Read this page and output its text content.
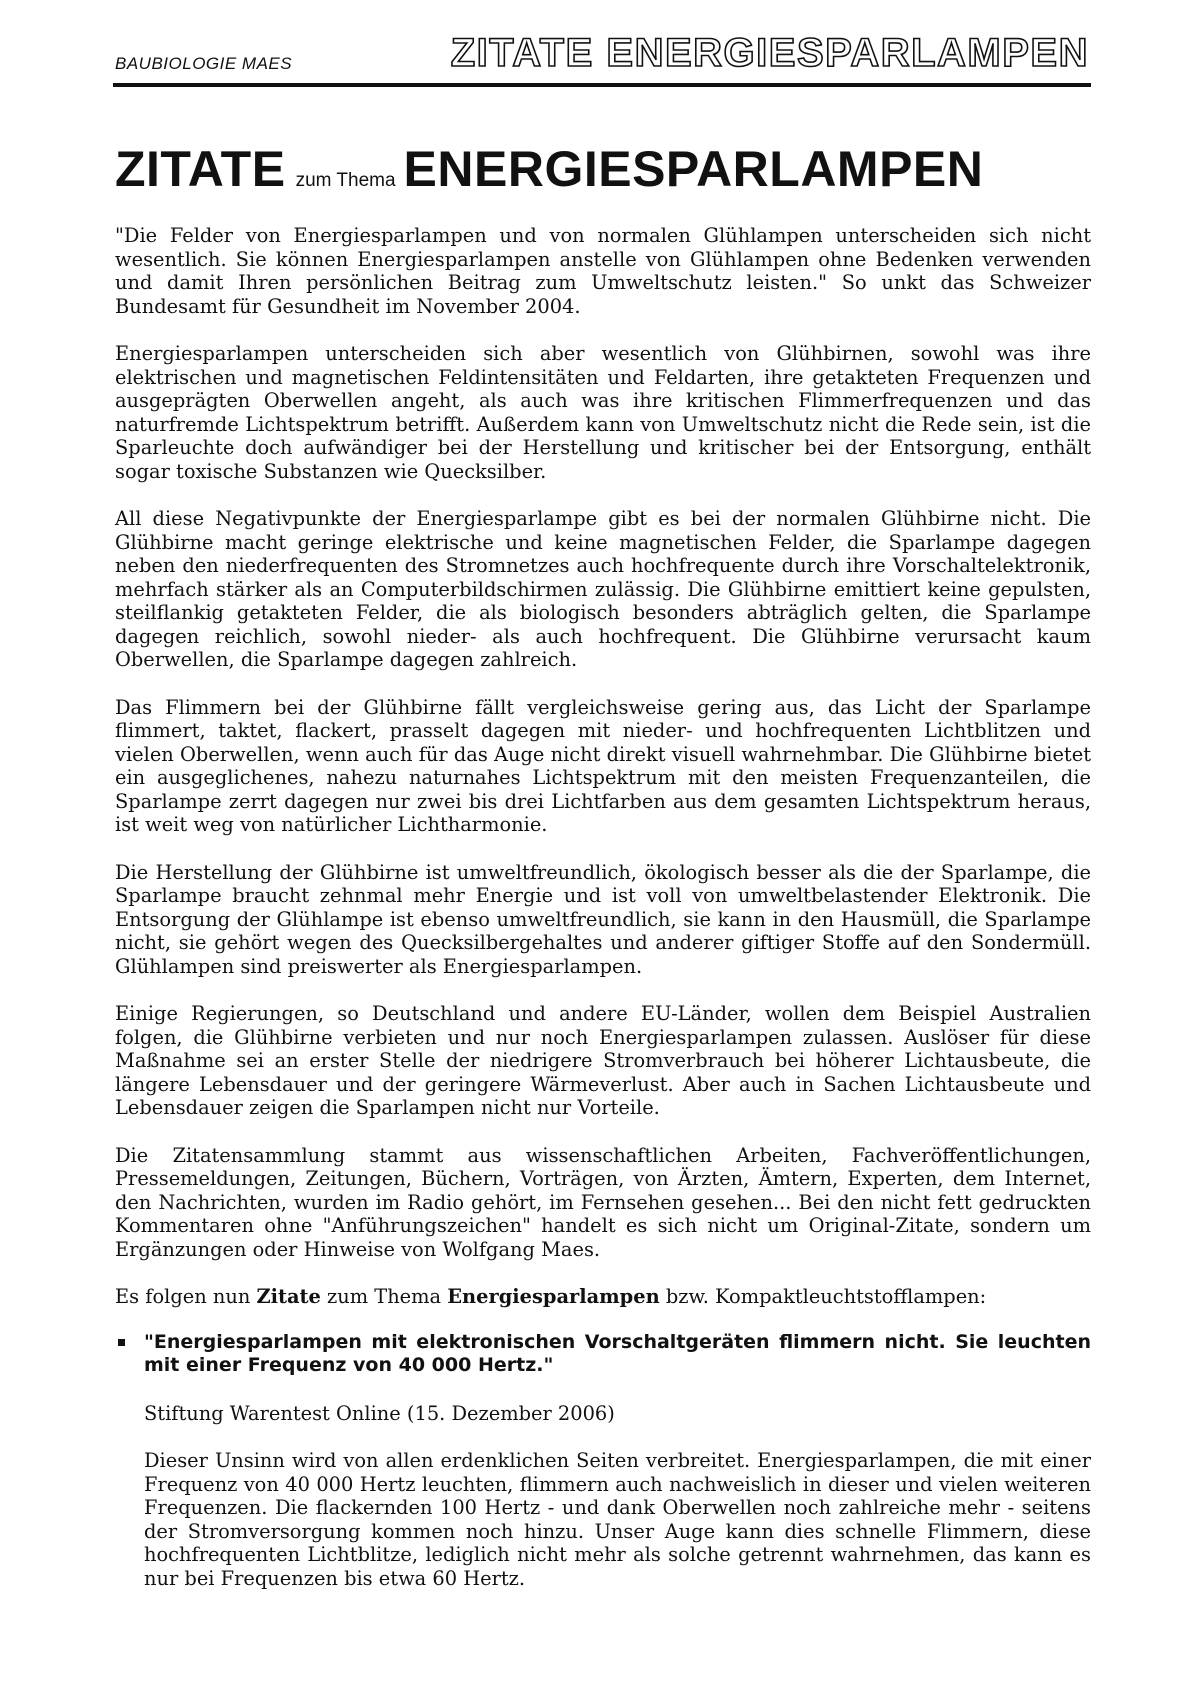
BAUBIOLOGIE MAES	ZITATE ENERGIESPARLAMPEN
ZITATE zum Thema ENERGIESPARLAMPEN

"Die Felder von Energiesparlampen und von normalen Glühlampen unterscheiden sich nicht wesentlich. Sie können Energiesparlampen anstelle von Glühlampen ohne Bedenken verwenden und damit Ihren persönlichen Beitrag zum Umweltschutz leisten." So unkt das Schweizer Bundesamt für Gesundheit im November 2004.

Energiesparlampen unterscheiden sich aber wesentlich von Glühbirnen, sowohl was ihre elektrischen und magnetischen Feldintensitäten und Feldarten, ihre getakteten Frequenzen und ausgeprägten Oberwellen angeht, als auch was ihre kritischen Flimmerfrequenzen und das naturfremde Lichtspektrum betrifft. Außerdem kann von Umweltschutz nicht die Rede sein, ist die Sparleuchte doch aufwändiger bei der Herstellung und kritischer bei der Entsorgung, enthält sogar toxische Substanzen wie Quecksilber.

All diese Negativpunkte der Energiesparlampe gibt es bei der normalen Glühbirne nicht. Die Glühbirne macht geringe elektrische und keine magnetischen Felder, die Sparlampe dagegen neben den niederfrequenten des Stromnetzes auch hochfrequente durch ihre Vorschaltelektronik, mehrfach stärker als an Computerbildschirmen zulässig. Die Glühbirne emittiert keine gepulsten, steilflankig getakteten Felder, die als biologisch besonders abträglich gelten, die Sparlampe dagegen reichlich, sowohl nieder- als auch hochfrequent. Die Glühbirne verursacht kaum Oberwellen, die Sparlampe dagegen zahlreich.

Das Flimmern bei der Glühbirne fällt vergleichsweise gering aus, das Licht der Sparlampe flimmert, taktet, flackert, prasselt dagegen mit nieder- und hochfrequenten Lichtblitzen und vielen Oberwellen, wenn auch für das Auge nicht direkt visuell wahrnehmbar. Die Glühbirne bietet ein ausgeglichenes, nahezu naturnahes Lichtspektrum mit den meisten Frequenzanteilen, die Sparlampe zerrt dagegen nur zwei bis drei Lichtfarben aus dem gesamten Lichtspektrum heraus, ist weit weg von natürlicher Lichtharmonie.

Die Herstellung der Glühbirne ist umweltfreundlich, ökologisch besser als die der Sparlampe, die Sparlampe braucht zehnmal mehr Energie und ist voll von umweltbelastender Elektronik. Die Entsorgung der Glühlampe ist ebenso umweltfreundlich, sie kann in den Hausmüll, die Sparlampe nicht, sie gehört wegen des Quecksilbergehaltes und anderer giftiger Stoffe auf den Sondermüll. Glühlampen sind preiswerter als Energiesparlampen.

Einige Regierungen, so Deutschland und andere EU-Länder, wollen dem Beispiel Australien folgen, die Glühbirne verbieten und nur noch Energiesparlampen zulassen. Auslöser für diese Maßnahme sei an erster Stelle der niedrigere Stromverbrauch bei höherer Lichtausbeute, die längere Lebensdauer und der geringere Wärmeverlust. Aber auch in Sachen Lichtausbeute und Lebensdauer zeigen die Sparlampen nicht nur Vorteile.

Die Zitatensammlung stammt aus wissenschaftlichen Arbeiten, Fachveröffentlichungen, Pressemeldungen, Zeitungen, Büchern, Vorträgen, von Ärzten, Ämtern, Experten, dem Internet, den Nachrichten, wurden im Radio gehört, im Fernsehen gesehen... Bei den nicht fett gedruckten Kommentaren ohne "Anführungszeichen" handelt es sich nicht um Original-Zitate, sondern um Ergänzungen oder Hinweise von Wolfgang Maes.

Es folgen nun Zitate zum Thema Energiesparlampen bzw. Kompaktleuchtstofflampen:

"Energiesparlampen mit elektronischen Vorschaltgeräten flimmern nicht. Sie leuchten mit einer Frequenz von 40 000 Hertz."

Stiftung Warentest Online (15. Dezember 2006)

Dieser Unsinn wird von allen erdenklichen Seiten verbreitet. Energiesparlampen, die mit einer Frequenz von 40 000 Hertz leuchten, flimmern auch nachweislich in dieser und vielen weiteren Frequenzen. Die flackernden 100 Hertz - und dank Oberwellen noch zahlreiche mehr - seitens der Stromversorgung kommen noch hinzu. Unser Auge kann dies schnelle Flimmern, diese hochfrequenten Lichtblitze, lediglich nicht mehr als solche getrennt wahrnehmen, das kann es nur bei Frequenzen bis etwa 60 Hertz.
